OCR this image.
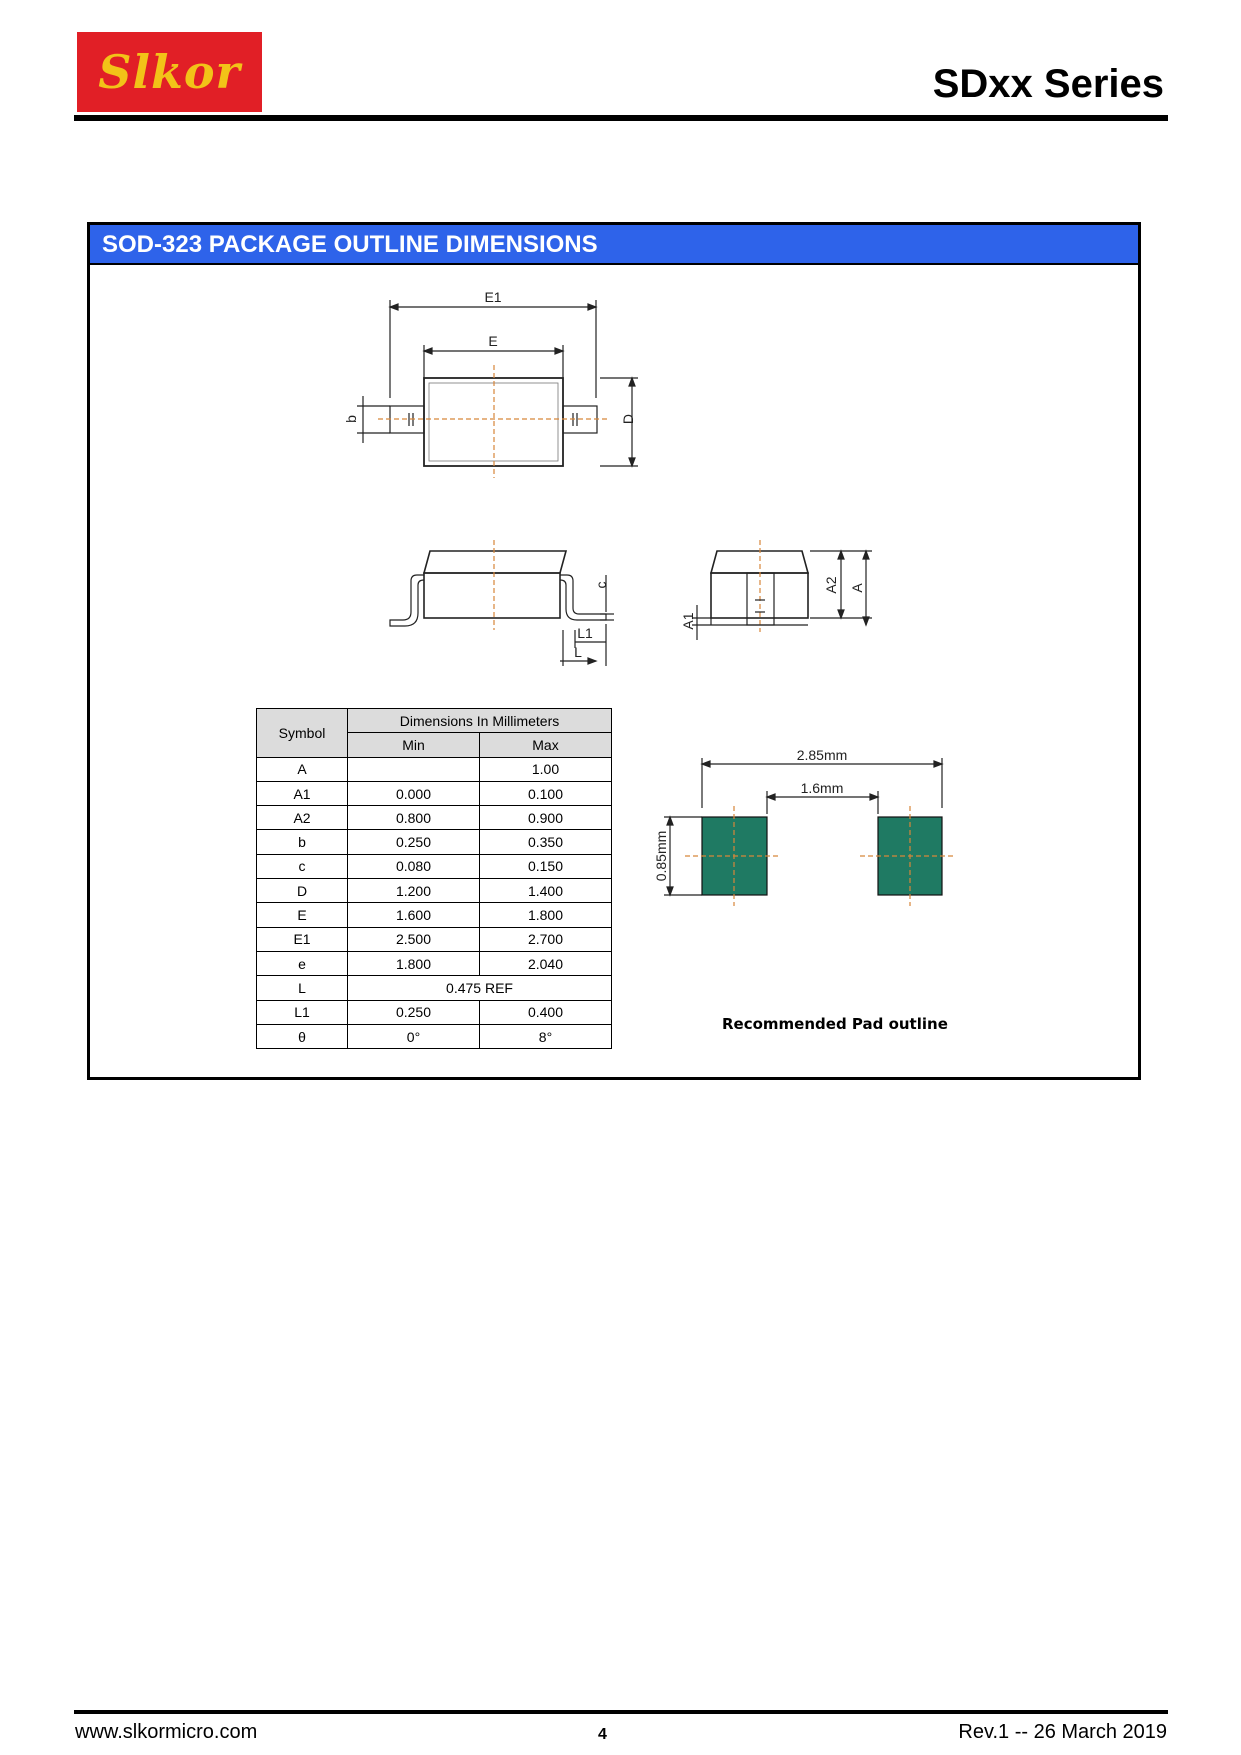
Slkor	SDxx Series
SOD-323 PACKAGE OUTLINE DIMENSIONS
E1
E
b	D
c
L1
L
A1
A2 A
2.85mm
1.6mm
0.85mm
Symbol	Dimensions In Millimeters	
	Min	Max
A		1.00
A1	0.000	0.100
A2	0.800	0.900
b	0.250	0.350
c	0.080	0.150
D	1.200	1.400
E	1.600	1.800
E1	2.500	2.700
e	1.800	2.040
L	0.475 REF	
L1	0.250	0.400
θ	0°	8°
Recommended Pad outline
www.slkormicro.com	4	Rev.1 -- 26 March 2019
